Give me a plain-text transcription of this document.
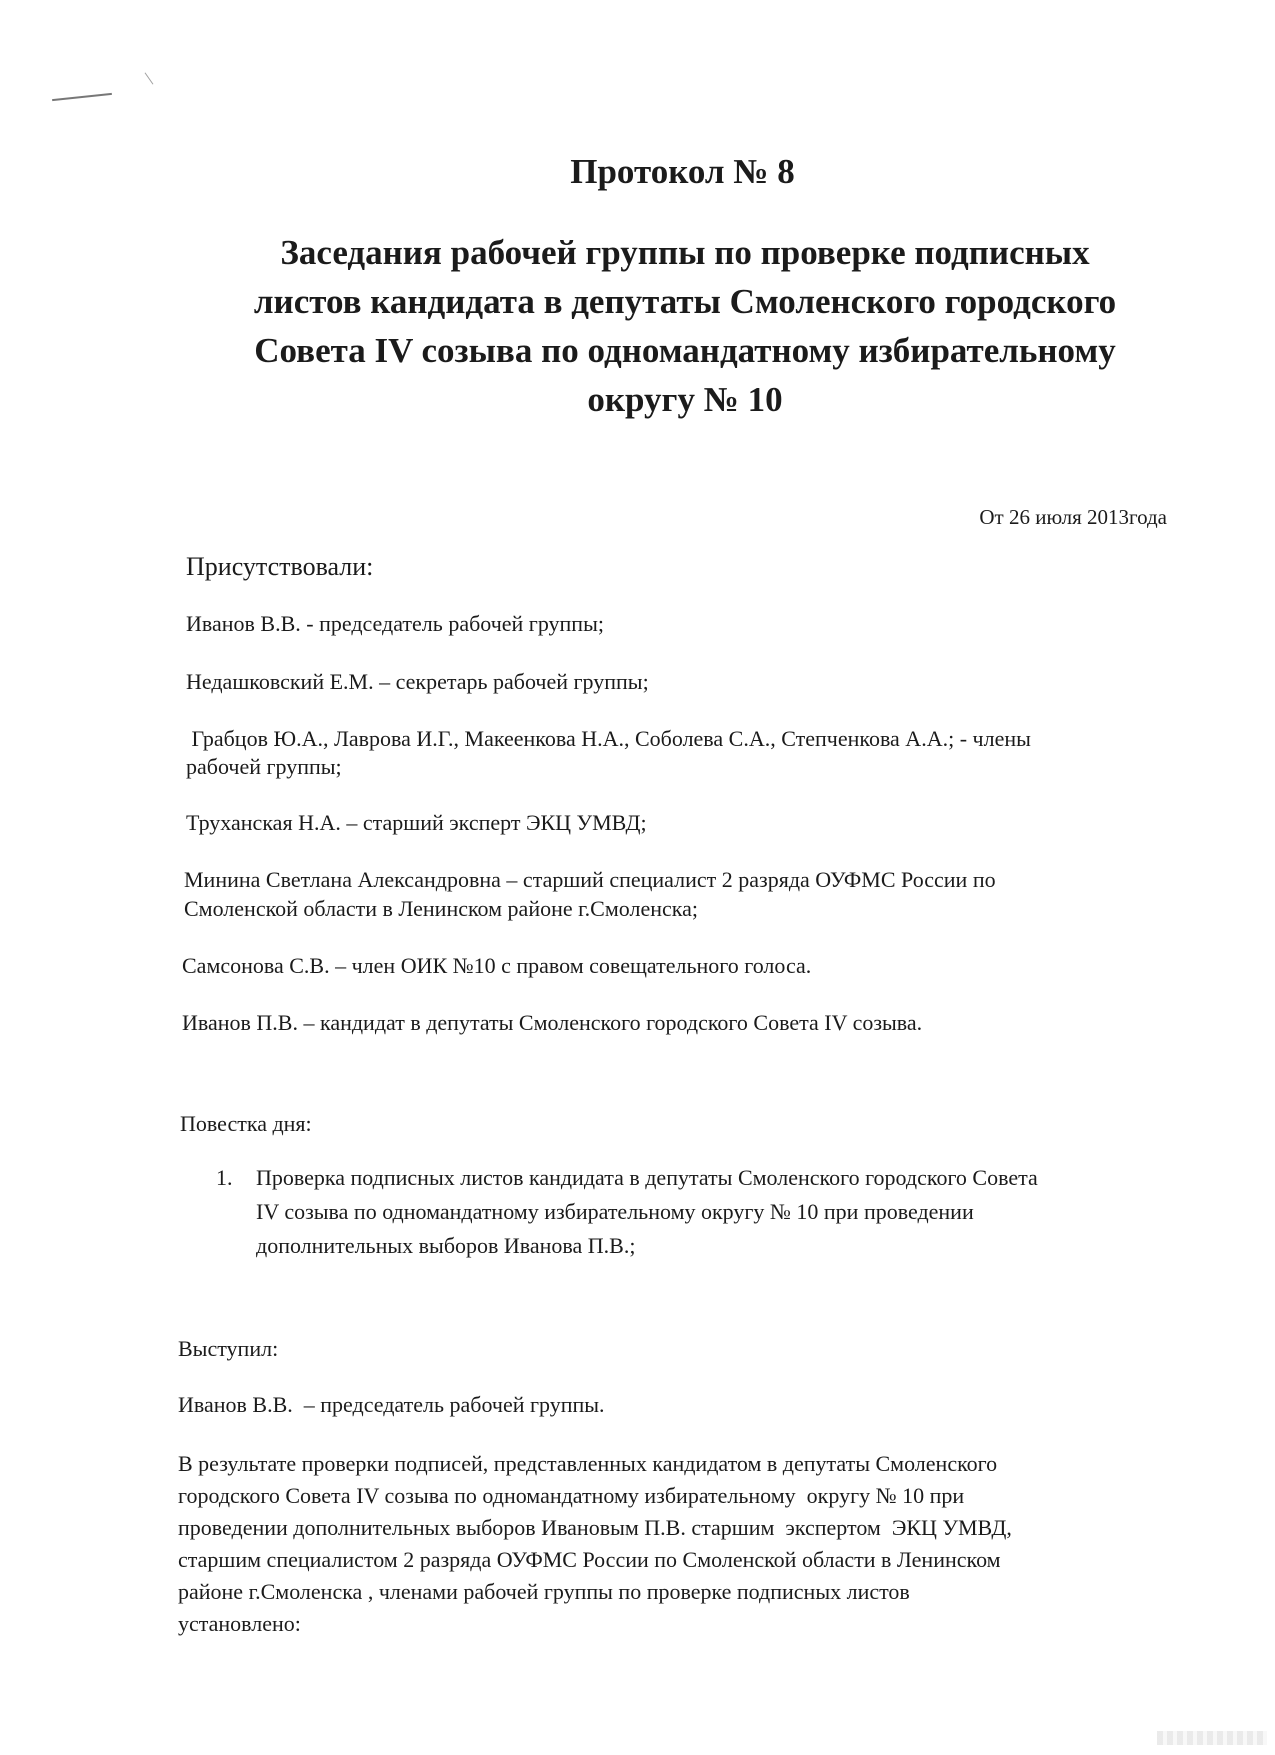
Протокол № 8
Заседания рабочей группы по проверке подписных
листов кандидата в депутаты Смоленского городского
Совета IV созыва по одномандатному избирательному
округу № 10
От 26 июля 2013года
Присутствовали:
Иванов В.В. - председатель рабочей группы;
Недашковский Е.М. – секретарь рабочей группы;
Грабцов Ю.А., Лаврова И.Г., Макеенкова Н.А., Соболева С.А., Степченкова А.А.; - члены
рабочей группы;
Труханская Н.А. – старший эксперт ЭКЦ УМВД;
Минина Светлана Александровна – старший специалист 2 разряда ОУФМС России по
Смоленской области в Ленинском районе г.Смоленска;
Самсонова С.В. – член ОИК №10 с правом совещательного голоса.
Иванов П.В. – кандидат в депутаты Смоленского городского Совета IV созыва.
Повестка дня:
1. Проверка подписных листов кандидата в депутаты Смоленского городского Совета
IV созыва по одномандатному избирательному округу № 10 при проведении
дополнительных выборов Иванова П.В.;
Выступил:
Иванов В.В.  – председатель рабочей группы.
В результате проверки подписей, представленных кандидатом в депутаты Смоленского
городского Совета IV созыва по одномандатному избирательному  округу № 10 при
проведении дополнительных выборов Ивановым П.В. старшим  экспертом  ЭКЦ УМВД,
старшим специалистом 2 разряда ОУФМС России по Смоленской области в Ленинском
районе г.Смоленска , членами рабочей группы по проверке подписных листов
установлено:
